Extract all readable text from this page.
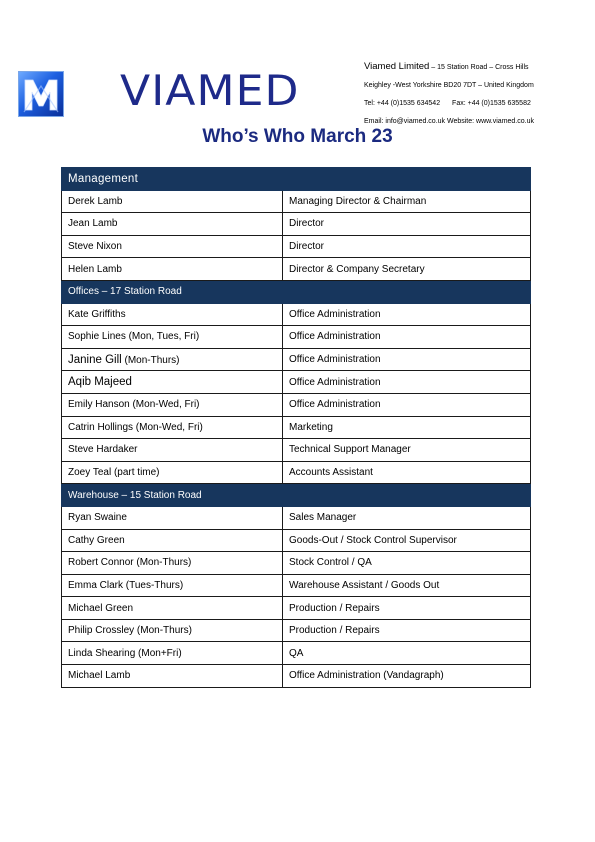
VIAMED	Viamed Limited – 15 Station Road – Cross Hills
Keighley -West Yorkshire BD20 7DT – United Kingdom
Tel: +44 (0)1535 634542 Fax: +44 (0)1535 635582
Email: info@viamed.co.uk Website: www.viamed.co.uk
Who’s Who March 23
Management	
Derek Lamb	Managing Director & Chairman
Jean Lamb	Director
Steve Nixon	Director
Helen Lamb	Director & Company Secretary
Offices – 17 Station Road	
Kate Griffiths	Office Administration
Sophie Lines (Mon, Tues, Fri)	Office Administration
Janine Gill (Mon-Thurs)	Office Administration
Aqib Majeed	Office Administration
Emily Hanson (Mon-Wed, Fri)	Office Administration
Catrin Hollings (Mon-Wed, Fri)	Marketing
Steve Hardaker	Technical Support Manager
Zoey Teal (part time)	Accounts Assistant
Warehouse – 15 Station Road	
Ryan Swaine	Sales Manager
Cathy Green	Goods-Out / Stock Control Supervisor
Robert Connor (Mon-Thurs)	Stock Control / QA
Emma Clark (Tues-Thurs)	Warehouse Assistant / Goods Out
Michael Green	Production / Repairs
Philip Crossley (Mon-Thurs)	Production / Repairs
Linda Shearing (Mon+Fri)	QA
Michael Lamb	Office Administration (Vandagraph)
